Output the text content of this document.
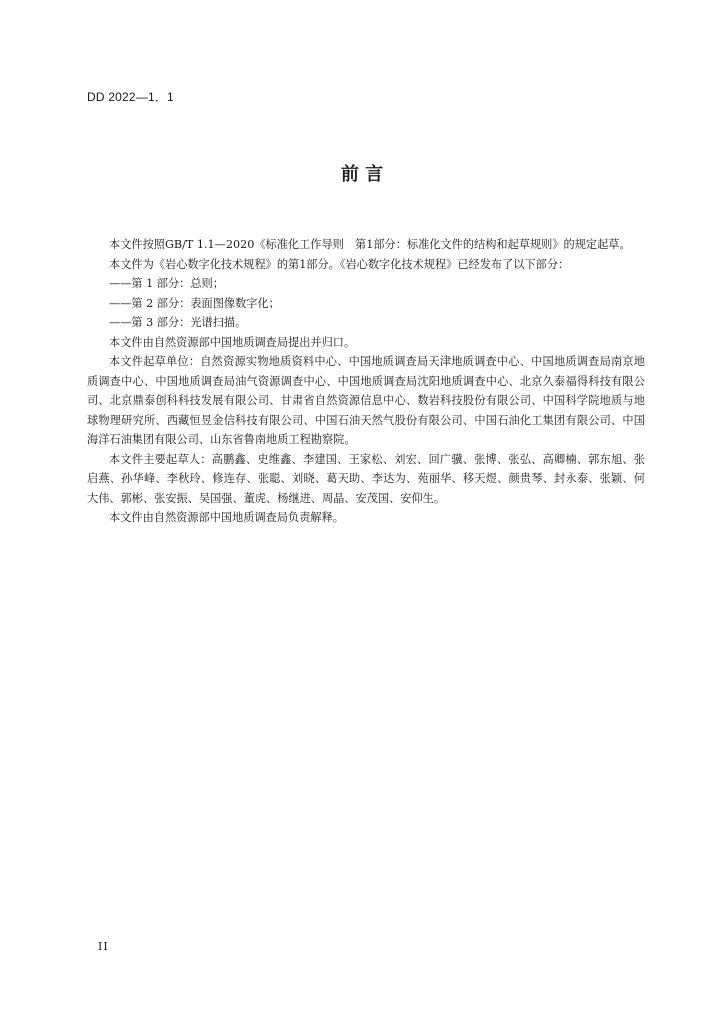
DD 2022—1．1
前 言

本文件按照GB/T 1.1—2020《标准化工作导则　第1部分：标准化文件的结构和起草规则》的规定起草。

本文件为《岩心数字化技术规程》的第1部分。《岩心数字化技术规程》已经发布了以下部分：

——第 1 部分：总则；

——第 2 部分：表面图像数字化；

——第 3 部分：光谱扫描。

本文件由自然资源部中国地质调查局提出并归口。

本文件起草单位：自然资源实物地质资料中心、中国地质调查局天津地质调查中心、中国地质调查局南京地质调查中心、中国地质调查局油气资源调查中心、中国地质调查局沈阳地质调查中心、北京久泰福得科技有限公司、北京鼎泰创科科技发展有限公司、甘肃省自然资源信息中心、数岩科技股份有限公司、中国科学院地质与地球物理研究所、西藏恒昱金信科技有限公司、中国石油天然气股份有限公司、中国石油化工集团有限公司、中国海洋石油集团有限公司、山东省鲁南地质工程勘察院。

本文件主要起草人：高鹏鑫、史维鑫、李建国、王家松、刘宏、回广骥、张博、张弘、高卿楠、郭东旭、张启燕、孙华峰、李秋玲、修连存、张聪、刘晓、葛天助、李达为、苑丽华、移天煜、颜贵琴、封永泰、张颖、何大伟、郭彬、张安振、吴国强、董虎、杨继进、周晶、安茂国、安仰生。

本文件由自然资源部中国地质调查局负责解释。

II
